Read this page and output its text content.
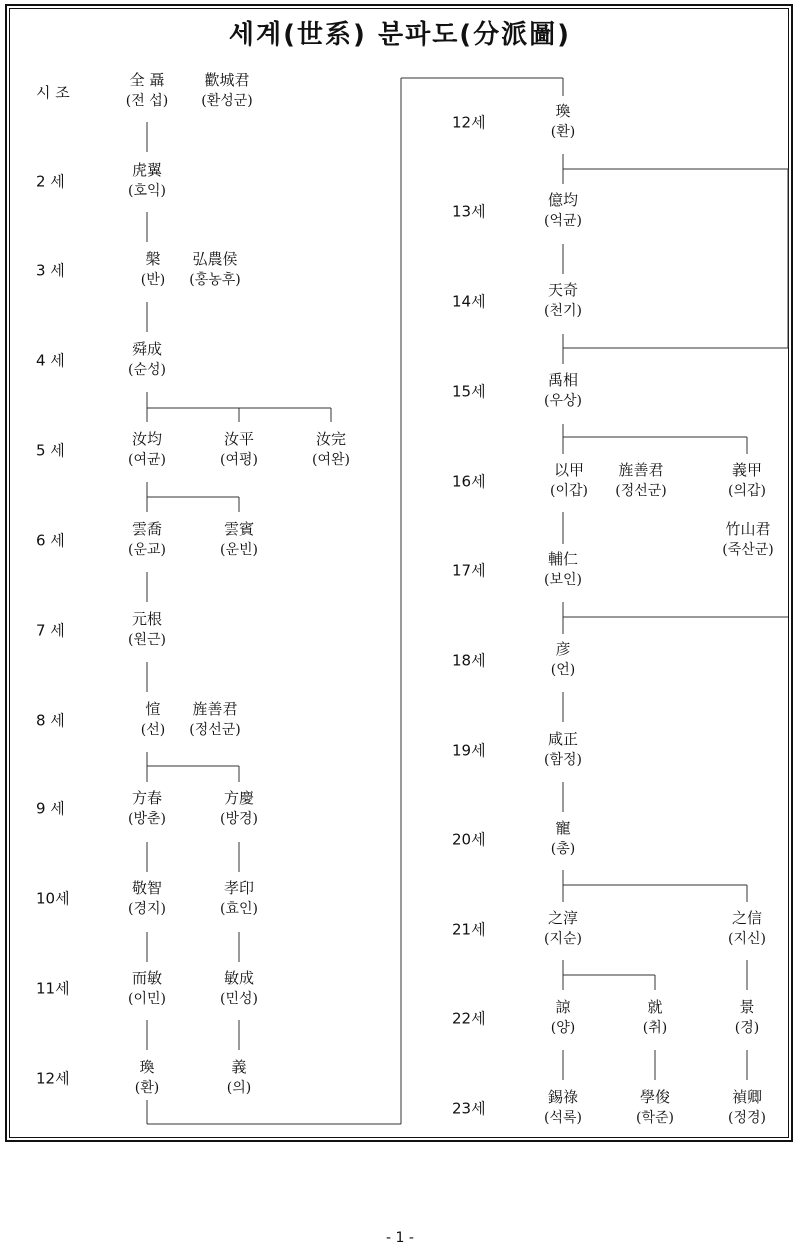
세계(世系) 분파도(分派圖)
시 조
2 세
3 세
4 세
5 세
6 세
7 세
8 세
9 세
10세
11세
12세
12세
13세
14세
15세
16세
17세
18세
19세
20세
21세
22세
23세
全 聶
(전 섭)
歡城君
(환성군)
虎翼
(호익)
槃
(반)
弘農侯
(홍농후)
舜成
(순성)
汝均
(여균)
汝平
(여평)
汝完
(여완)
雲喬
(운교)
雲賓
(운빈)
元根
(원근)
愃
(선)
旌善君
(정선군)
方春
(방춘)
方慶
(방경)
敬智
(경지)
孝印
(효인)
而敏
(이민)
敏成
(민성)
瑍
(환)
義
(의)
瑍
(환)
億均
(억균)
天奇
(천기)
禹相
(우상)
以甲
(이갑)
旌善君
(정선군)
義甲
(의갑)
竹山君
(죽산군)
輔仁
(보인)
彦
(언)
咸正
(함정)
寵
(총)
之淳
(지순)
之信
(지신)
諒
(양)
就
(취)
景
(경)
錫祿
(석록)
學俊
(학준)
禎卿
(정경)
- 1 -
